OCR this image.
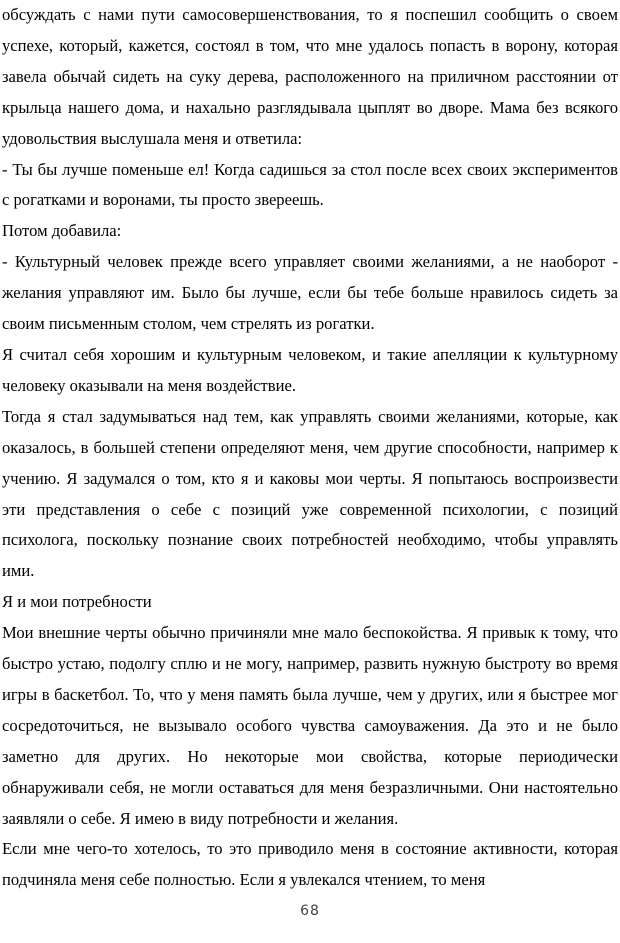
обсуждать с нами пути самосовершенствования, то я поспешил сообщить о своем успехе, который, кажется, состоял в том, что мне удалось попасть в ворону, которая завела обычай сидеть на суку дерева, расположенного на приличном расстоянии от крыльца нашего дома, и нахально разглядывала цыплят во дворе. Мама без всякого удовольствия выслушала меня и ответила:

- Ты бы лучше поменьше ел! Когда садишься за стол после всех своих экспериментов с рогатками и воронами, ты просто звереешь.

Потом добавила:

- Культурный человек прежде всего управляет своими желаниями, а не наоборот - желания управляют им. Было бы лучше, если бы тебе больше нравилось сидеть за своим письменным столом, чем стрелять из рогатки.

Я считал себя хорошим и культурным человеком, и такие апелляции к культурному человеку оказывали на меня воздействие.

Тогда я стал задумываться над тем, как управлять своими желаниями, которые, как оказалось, в большей степени определяют меня, чем другие способности, например к учению. Я задумался о том, кто я и каковы мои черты. Я попытаюсь воспроизвести эти представления о себе с позиций уже современной психологии, с позиций психолога, поскольку познание своих потребностей необходимо, чтобы управлять ими.

Я и мои потребности

Мои внешние черты обычно причиняли мне мало беспокойства. Я привык к тому, что быстро устаю, подолгу сплю и не могу, например, развить нужную быстроту во время игры в баскетбол. То, что у меня память была лучше, чем у других, или я быстрее мог сосредоточиться, не вызывало особого чувства самоуважения. Да это и не было заметно для других. Но некоторые мои свойства, которые периодически обнаруживали себя, не могли оставаться для меня безразличными. Они настоятельно заявляли о себе. Я имею в виду потребности и желания.

Если мне чего-то хотелось, то это приводило меня в состояние активности, которая подчиняла меня себе полностью. Если я увлекался чтением, то меня

68
